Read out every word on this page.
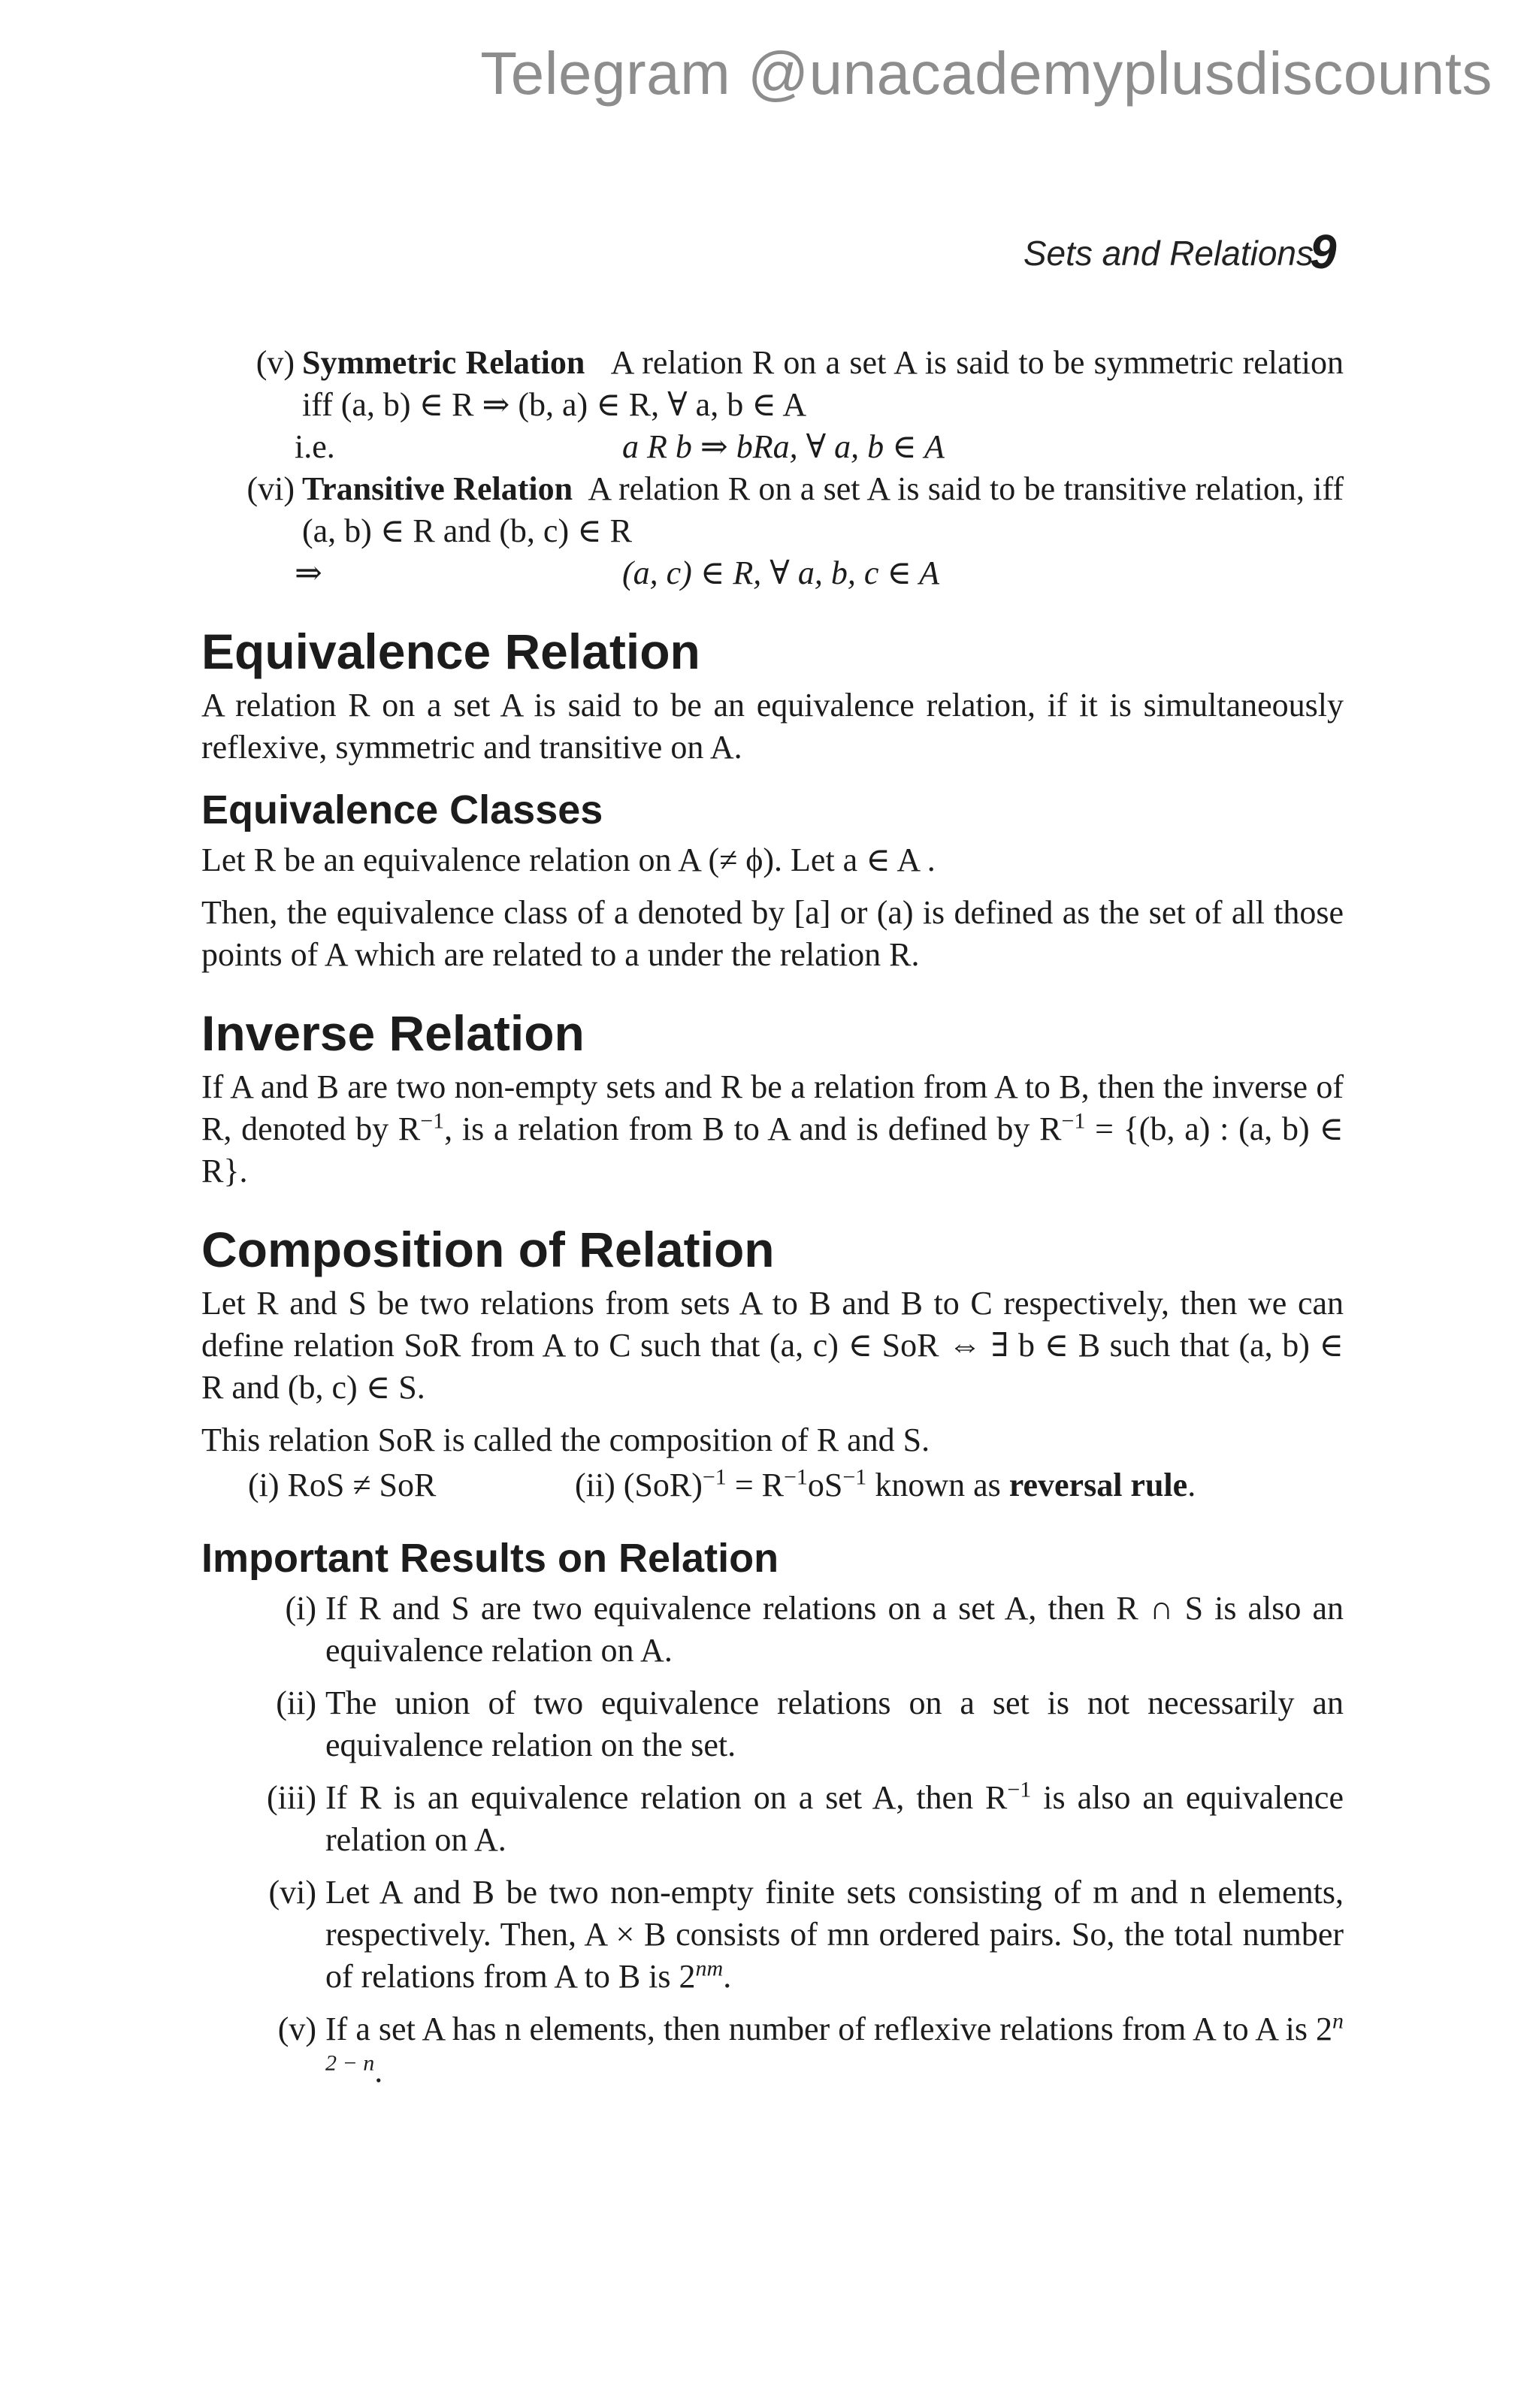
Telegram @unacademyplusdiscounts
Sets and Relations
9
(v) Symmetric Relation A relation R on a set A is said to be symmetric relation iff (a, b) ∈ R ⇒ (b, a) ∈ R, ∀ a, b ∈ A
i.e.	a R b ⇒ bRa, ∀ a, b ∈ A
(vi) Transitive Relation A relation R on a set A is said to be transitive relation, iff (a, b) ∈ R and (b, c) ∈ R
⇒	(a, c) ∈ R, ∀ a, b, c ∈ A
Equivalence Relation

A relation R on a set A is said to be an equivalence relation, if it is simultaneously reflexive, symmetric and transitive on A.

Equivalence Classes

Let R be an equivalence relation on A (≠ ϕ). Let a ∈ A .

Then, the equivalence class of a denoted by [a] or (a) is defined as the set of all those points of A which are related to a under the relation R.

Inverse Relation

If A and B are two non-empty sets and R be a relation from A to B, then the inverse of R, denoted by $R^{-1}$, is a relation from B to A and is defined by $R^{-1} = \{(b$, a) : (a, b) ∈ R}.

Composition of Relation

Let R and S be two relations from sets A to B and B to C respectively, then we can define relation SoR from A to C such that (a, c) ∈ SoR ⇔ ∃ b ∈ B such that (a, b) ∈ R and (b, c) ∈ S.

This relation SoR is called the composition of R and S.

(i) RoS ≠ SoR	(ii) $(SoR)^{-1} = R^{-1}oS^{-1}$ known as reversal rule.
Important Results on Relation
(i) If R and S are two equivalence relations on a set A, then R ∩ S is also an equivalence relation on A.
(ii) The union of two equivalence relations on a set is not necessarily an equivalence relation on the set.
(iii) If R is an equivalence relation on a set A, then $R^{-1}$ is also an equivalence relation on A.
(vi) Let A and B be two non-empty finite sets consisting of m and n elements, respectively. Then, A × B consists of mn ordered pairs. So, the total number of relations from A to B is $2^{nm}$.
(v) If a set A has n elements, then number of reflexive relations from A to A is $2^{n 2 - n}$.
